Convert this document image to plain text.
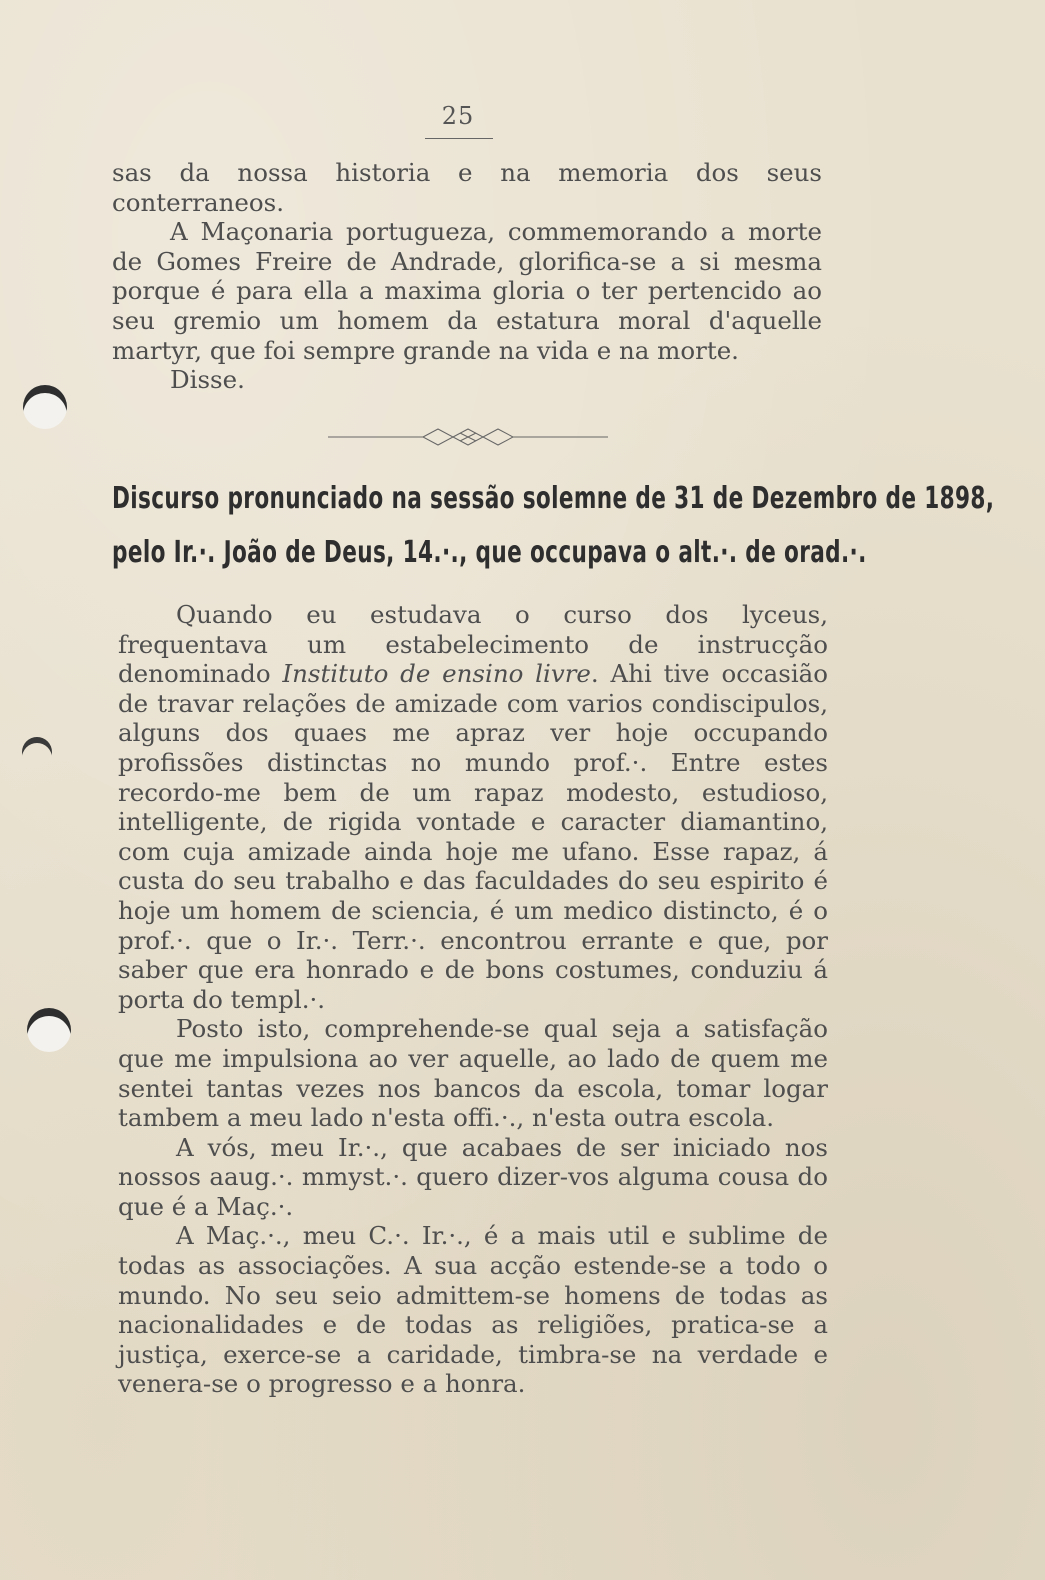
25

sas da nossa historia e na memoria dos seus conterraneos.

A Maçonaria portugueza, commemorando a morte de Gomes Freire de Andrade, glorifica-se a si mesma porque é para ella a maxima gloria o ter pertencido ao seu gremio um homem da estatura moral d'aquelle martyr, que foi sempre grande na vida e na morte.

Disse.

Discurso pronunciado na sessão solemne de 31 de Dezembro de 1898,
pelo Ir.·. João de Deus, 14.·., que occupava o alt.·. de orad.·.

Quando eu estudava o curso dos lyceus, frequentava um estabelecimento de instrucção denominado Instituto de ensino livre. Ahi tive occasião de travar relações de amizade com varios condiscipulos, alguns dos quaes me apraz ver hoje occupando profissões distinctas no mundo prof.·. Entre estes recordo-me bem de um rapaz modesto, estudioso, intelligente, de rigida vontade e caracter diamantino, com cuja amizade ainda hoje me ufano. Esse rapaz, á custa do seu trabalho e das faculdades do seu espirito é hoje um homem de sciencia, é um medico distincto, é o prof.·. que o Ir.·. Terr.·. encontrou errante e que, por saber que era honrado e de bons costumes, conduziu á porta do templ.·.

Posto isto, comprehende-se qual seja a satisfação que me impulsiona ao ver aquelle, ao lado de quem me sentei tantas vezes nos bancos da escola, tomar logar tambem a meu lado n'esta offi.·., n'esta outra escola.

A vós, meu Ir.·., que acabaes de ser iniciado nos nossos aaug.·. mmyst.·. quero dizer-vos alguma cousa do que é a Maç.·.

A Maç.·., meu C.·. Ir.·., é a mais util e sublime de todas as associações. A sua acção estende-se a todo o mundo. No seu seio admittem-se homens de todas as nacionalidades e de todas as religiões, pratica-se a justiça, exerce-se a caridade, timbra-se na verdade e venera-se o progresso e a honra.
